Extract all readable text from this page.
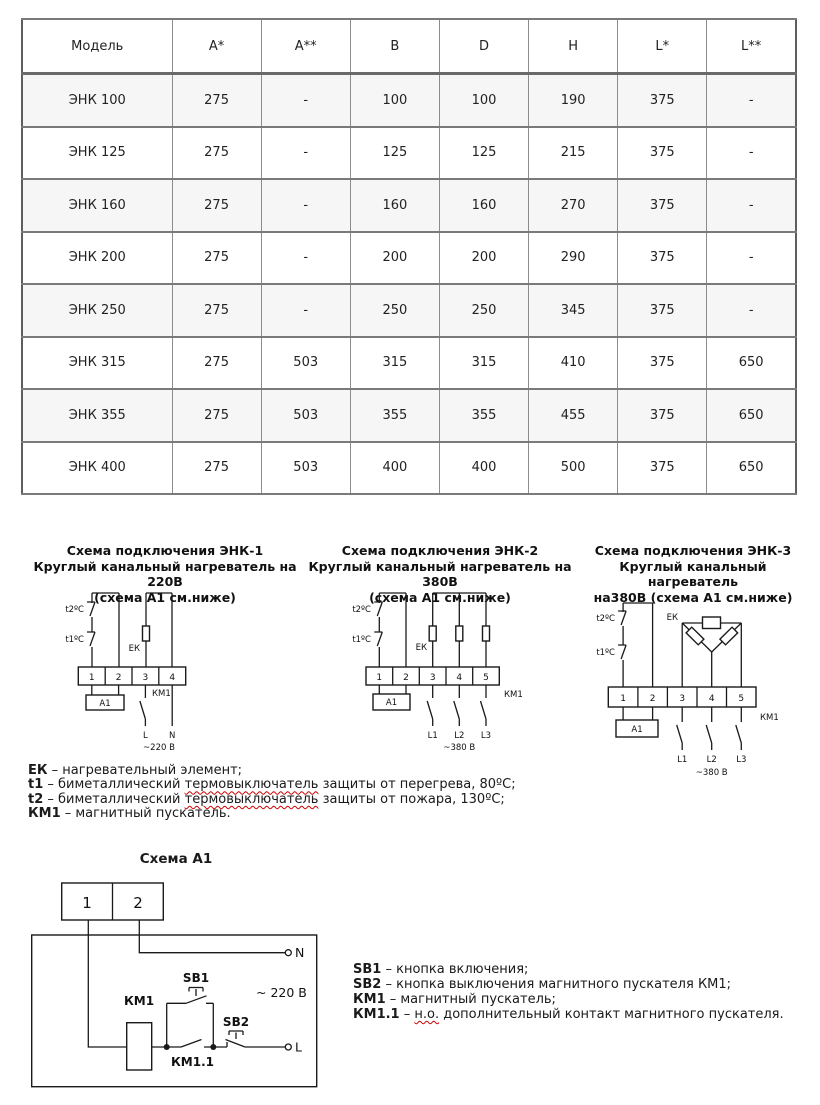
Модель	A*	A**	B	D	H	L*	L**
ЭНК 100	275	-	100	100	190	375	-
ЭНК 125	275	-	125	125	215	375	-
ЭНК 160	275	-	160	160	270	375	-
ЭНК 200	275	-	200	200	290	375	-
ЭНК 250	275	-	250	250	345	375	-
ЭНК 315	275	503	315	315	410	375	650
ЭНК 355	275	503	355	355	455	375	650
ЭНК 400	275	503	400	400	500	375	650
Схема подключения ЭНК-1
Круглый канальный нагреватель на 220В
(схема А1 см.ниже)
Схема подключения ЭНК-2
Круглый канальный нагреватель на 380В
(схема А1 см.ниже)
Схема подключения ЭНК-3
Круглый канальный нагреватель
на380В (схема А1 см.ниже)
t2ºС
t1ºС
ЕК
1 2 3 4
А1
КМ1
L N
~220 В
t2ºС
t1ºС
ЕК
1 2 3 4 5
А1
КМ1
L1 L2 L3
~380 В
t2ºС
t1ºС
ЕК
1	2	3	4	5
А1
КМ1
L1 L2 L3
~380 В
ЕК – нагревательный элемент;
t1 – биметаллический термовыключатель защиты от перегрева, 80ºС;
t2 – биметаллический термовыключатель защиты от пожара, 130ºС;
КМ1 – магнитный пускатель.
Схема А1
1	2
N
КМ1
КМ1.1
SB1
SB2
L
~ 220 В
SB1 – кнопка включения;
SB2 – кнопка выключения магнитного пускателя КМ1;
КМ1 – магнитный пускатель;
КМ1.1 – н.о. дополнительный контакт магнитного пускателя.
